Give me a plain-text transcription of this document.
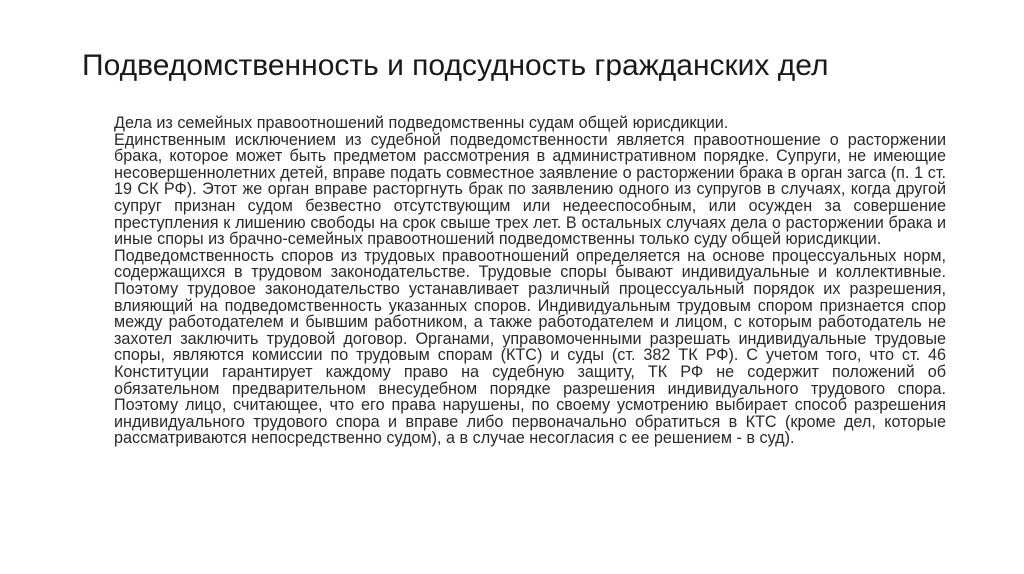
Подведомственность и подсудность гражданских дел

Дела из семейных правоотношений подведомственны судам общей юрисдикции.

Единственным исключением из судебной подведомственности является правоотношение о расторжении брака, которое может быть предметом рассмотрения в административном порядке. Супруги, не имеющие несовершеннолетних детей, вправе подать совместное заявление о расторжении брака в орган загса (п. 1 ст. 19 СК РФ). Этот же орган вправе расторгнуть брак по заявлению одного из супругов в случаях, когда другой супруг признан судом безвестно отсутствующим или недееспособным, или осужден за совершение преступления к лишению свободы на срок свыше трех лет. В остальных случаях дела о расторжении брака и иные споры из брачно-семейных правоотношений подведомственны только суду общей юрисдикции.

Подведомственность споров из трудовых правоотношений определяется на основе процессуальных норм, содержащихся в трудовом законодательстве. Трудовые споры бывают индивидуальные и коллективные. Поэтому трудовое законодательство устанавливает различный процессуальный порядок их разрешения, влияющий на подведомственность указанных споров. Индивидуальным трудовым спором признается спор между работодателем и бывшим работником, а также работодателем и лицом, с которым работодатель не захотел заключить трудовой договор. Органами, управомоченными разрешать индивидуальные трудовые споры, являются комиссии по трудовым спорам (КТС) и суды (ст. 382 ТК РФ). С учетом того, что ст. 46 Конституции гарантирует каждому право на судебную защиту, ТК РФ не содержит положений об обязательном предварительном внесудебном порядке разрешения индивидуального трудового спора. Поэтому лицо, считающее, что его права нарушены, по своему усмотрению выбирает способ разрешения индивидуального трудового спора и вправе либо первоначально обратиться в КТС (кроме дел, которые рассматриваются непосредственно судом), а в случае несогласия с ее решением - в суд).
